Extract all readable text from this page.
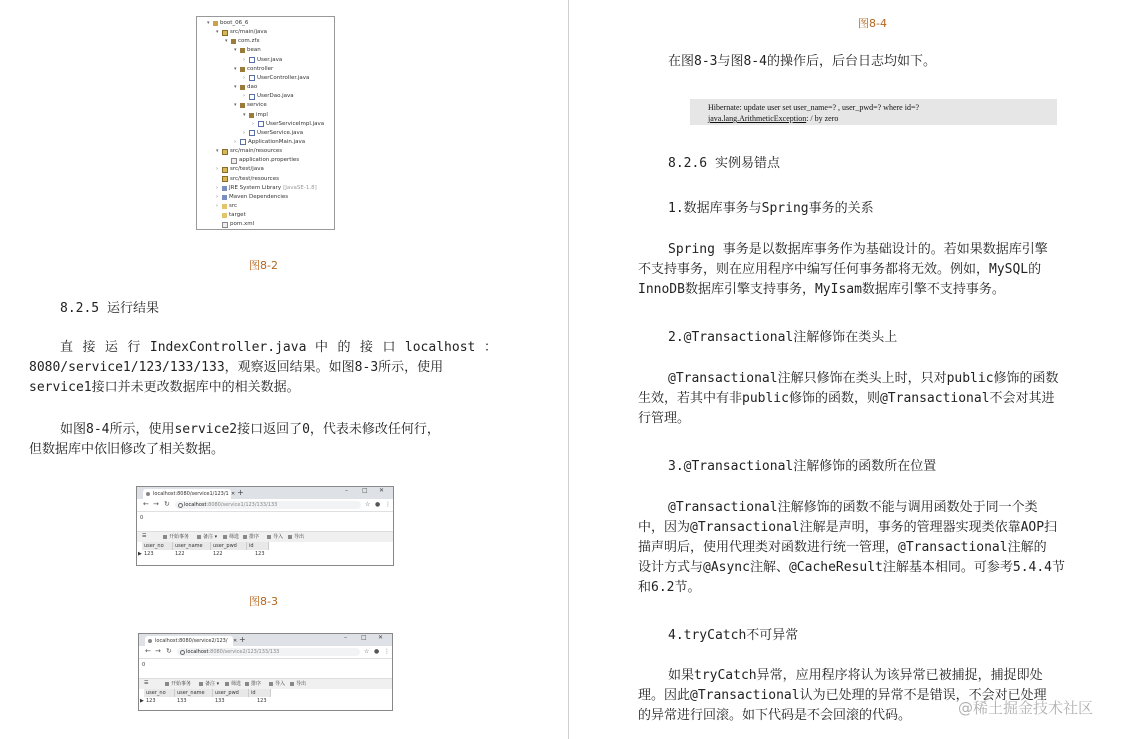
▾	boot_06_6
▾	src/main/java
▾	com.zfx
▾	bean
›	User.java
▾	controller
›	UserController.java
▾	dao
›	UserDao.java
▾	service
▾	impl
›	UserServiceImpl.java
›	UserService.java
›	ApplicationMain.java
▾	src/main/resources
application.properties
›	src/test/java
src/test/resources
›	JRE System Library [JavaSE-1.8]
›	Maven Dependencies
›	src
target
pom.xml
图8-2
8.2.5 运行结果
直 接 运 行 IndexController.java 中 的 接 口 localhost ：
8080/service1/123/133/133，观察返回结果。如图8-3所示，使用
service1接口并未更改数据库中的相关数据。
如图8-4所示，使用service2接口返回了0，代表未修改任何行，
但数据库中依旧修改了相关数据。
localhost:8080/service1/123/1 ✕ +	– □ ✕
← → ↻	localhost:8080/service1/123/133/133	☆ ● ⋮
0
☰	开始事务	备注 ▾	筛选	排序	导入	导出
user_no	user_name	user_pwd	id
▶ 123	122	122	123
图8-3
localhost:8080/service2/123/ ✕ +	– □ ✕
← → ↻	localhost:8080/service2/123/133/133	☆ ● ⋮
0
☰	开始事务	备注 ▾	筛选	排序	导入	导出
user_no	user_name	user_pwd	id
▶ 123	133	133	123
图8-4
在图8-3与图8-4的操作后，后台日志均如下。
Hibernate: update user set user_name=? , user_pwd=? where id=?
java.lang.ArithmeticException: / by zero
8.2.6 实例易错点
1.数据库事务与Spring事务的关系
Spring 事务是以数据库事务作为基础设计的。若如果数据库引擎
不支持事务，则在应用程序中编写任何事务都将无效。例如，MySQL的
InnoDB数据库引擎支持事务，MyIsam数据库引擎不支持事务。
2.@Transactional注解修饰在类头上
@Transactional注解只修饰在类头上时，只对public修饰的函数
生效，若其中有非public修饰的函数，则@Transactional不会对其进
行管理。
3.@Transactional注解修饰的函数所在位置
@Transactional注解修饰的函数不能与调用函数处于同一个类
中，因为@Transactional注解是声明，事务的管理器实现类依靠AOP扫
描声明后，使用代理类对函数进行统一管理，@Transactional注解的
设计方式与@Async注解、@CacheResult注解基本相同。可参考5.4.4节
和6.2节。
4.tryCatch不可异常
如果tryCatch异常，应用程序将认为该异常已被捕捉，捕捉即处
理。因此@Transactional认为已处理的异常不是错误，不会对已处理
的异常进行回滚。如下代码是不会回滚的代码。	@稀土掘金技术社区
